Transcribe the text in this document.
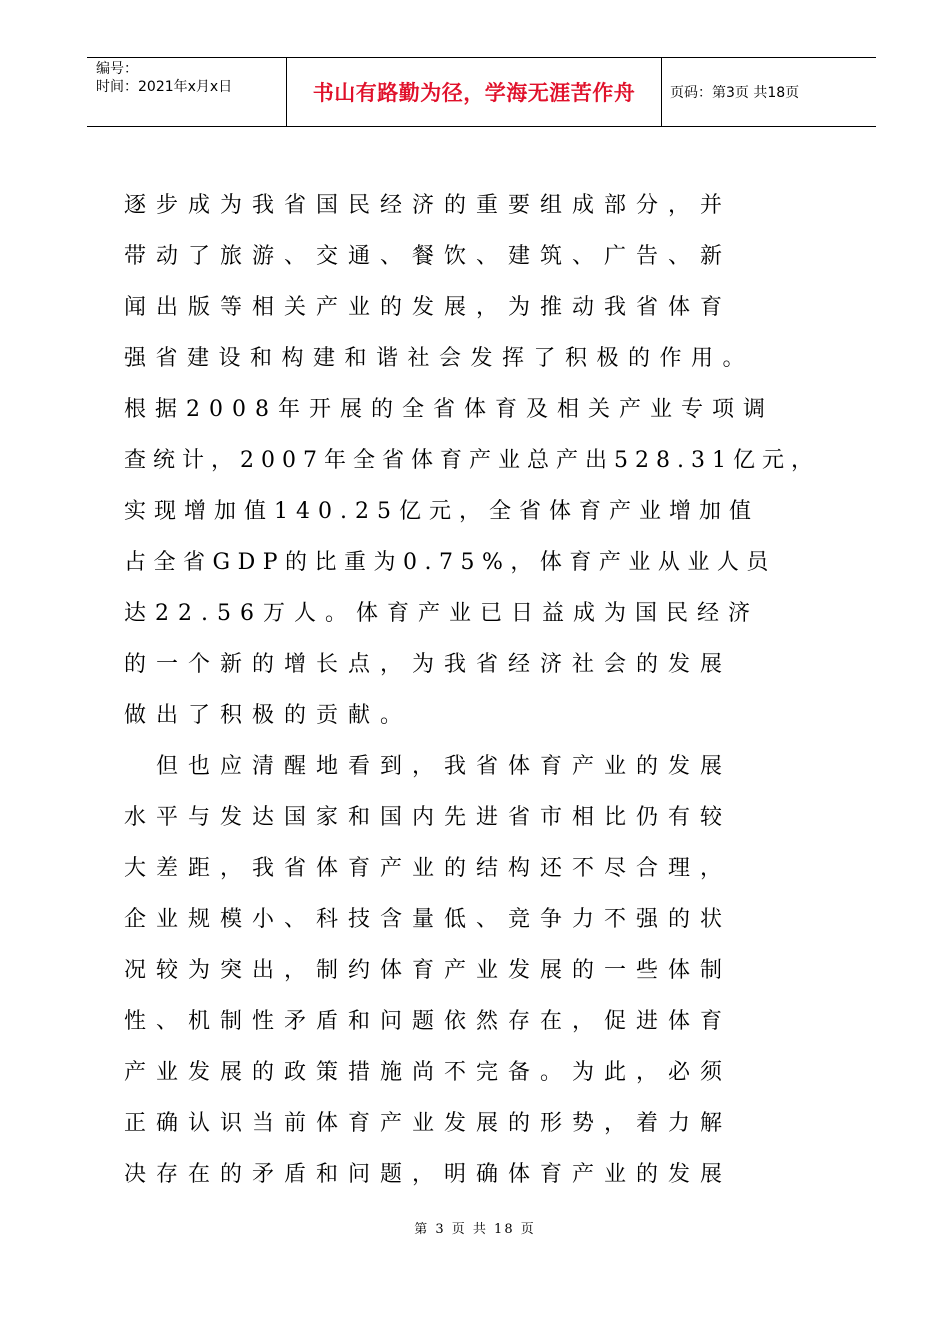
编号：
时间：2021年x月x日	书山有路勤为径，学海无涯苦作舟	页码：第3页 共18页
逐步成为我省国民经济的重要组成部分，并
带动了旅游、交通、餐饮、建筑、广告、新
闻出版等相关产业的发展，为推动我省体育
强省建设和构建和谐社会发挥了积极的作用。
根据2008年开展的全省体育及相关产业专项调
查统计，2007年全省体育产业总产出528.31亿元，
实现增加值140.25亿元，全省体育产业增加值
占全省GDP的比重为0.75%，体育产业从业人员
达22.56万人。体育产业已日益成为国民经济
的一个新的增长点，为我省经济社会的发展
做出了积极的贡献。
　但也应清醒地看到，我省体育产业的发展
水平与发达国家和国内先进省市相比仍有较
大差距，我省体育产业的结构还不尽合理，
企业规模小、科技含量低、竞争力不强的状
况较为突出，制约体育产业发展的一些体制
性、机制性矛盾和问题依然存在，促进体育
产业发展的政策措施尚不完备。为此，必须
正确认识当前体育产业发展的形势，着力解
决存在的矛盾和问题，明确体育产业的发展
第 3 页 共 18 页
